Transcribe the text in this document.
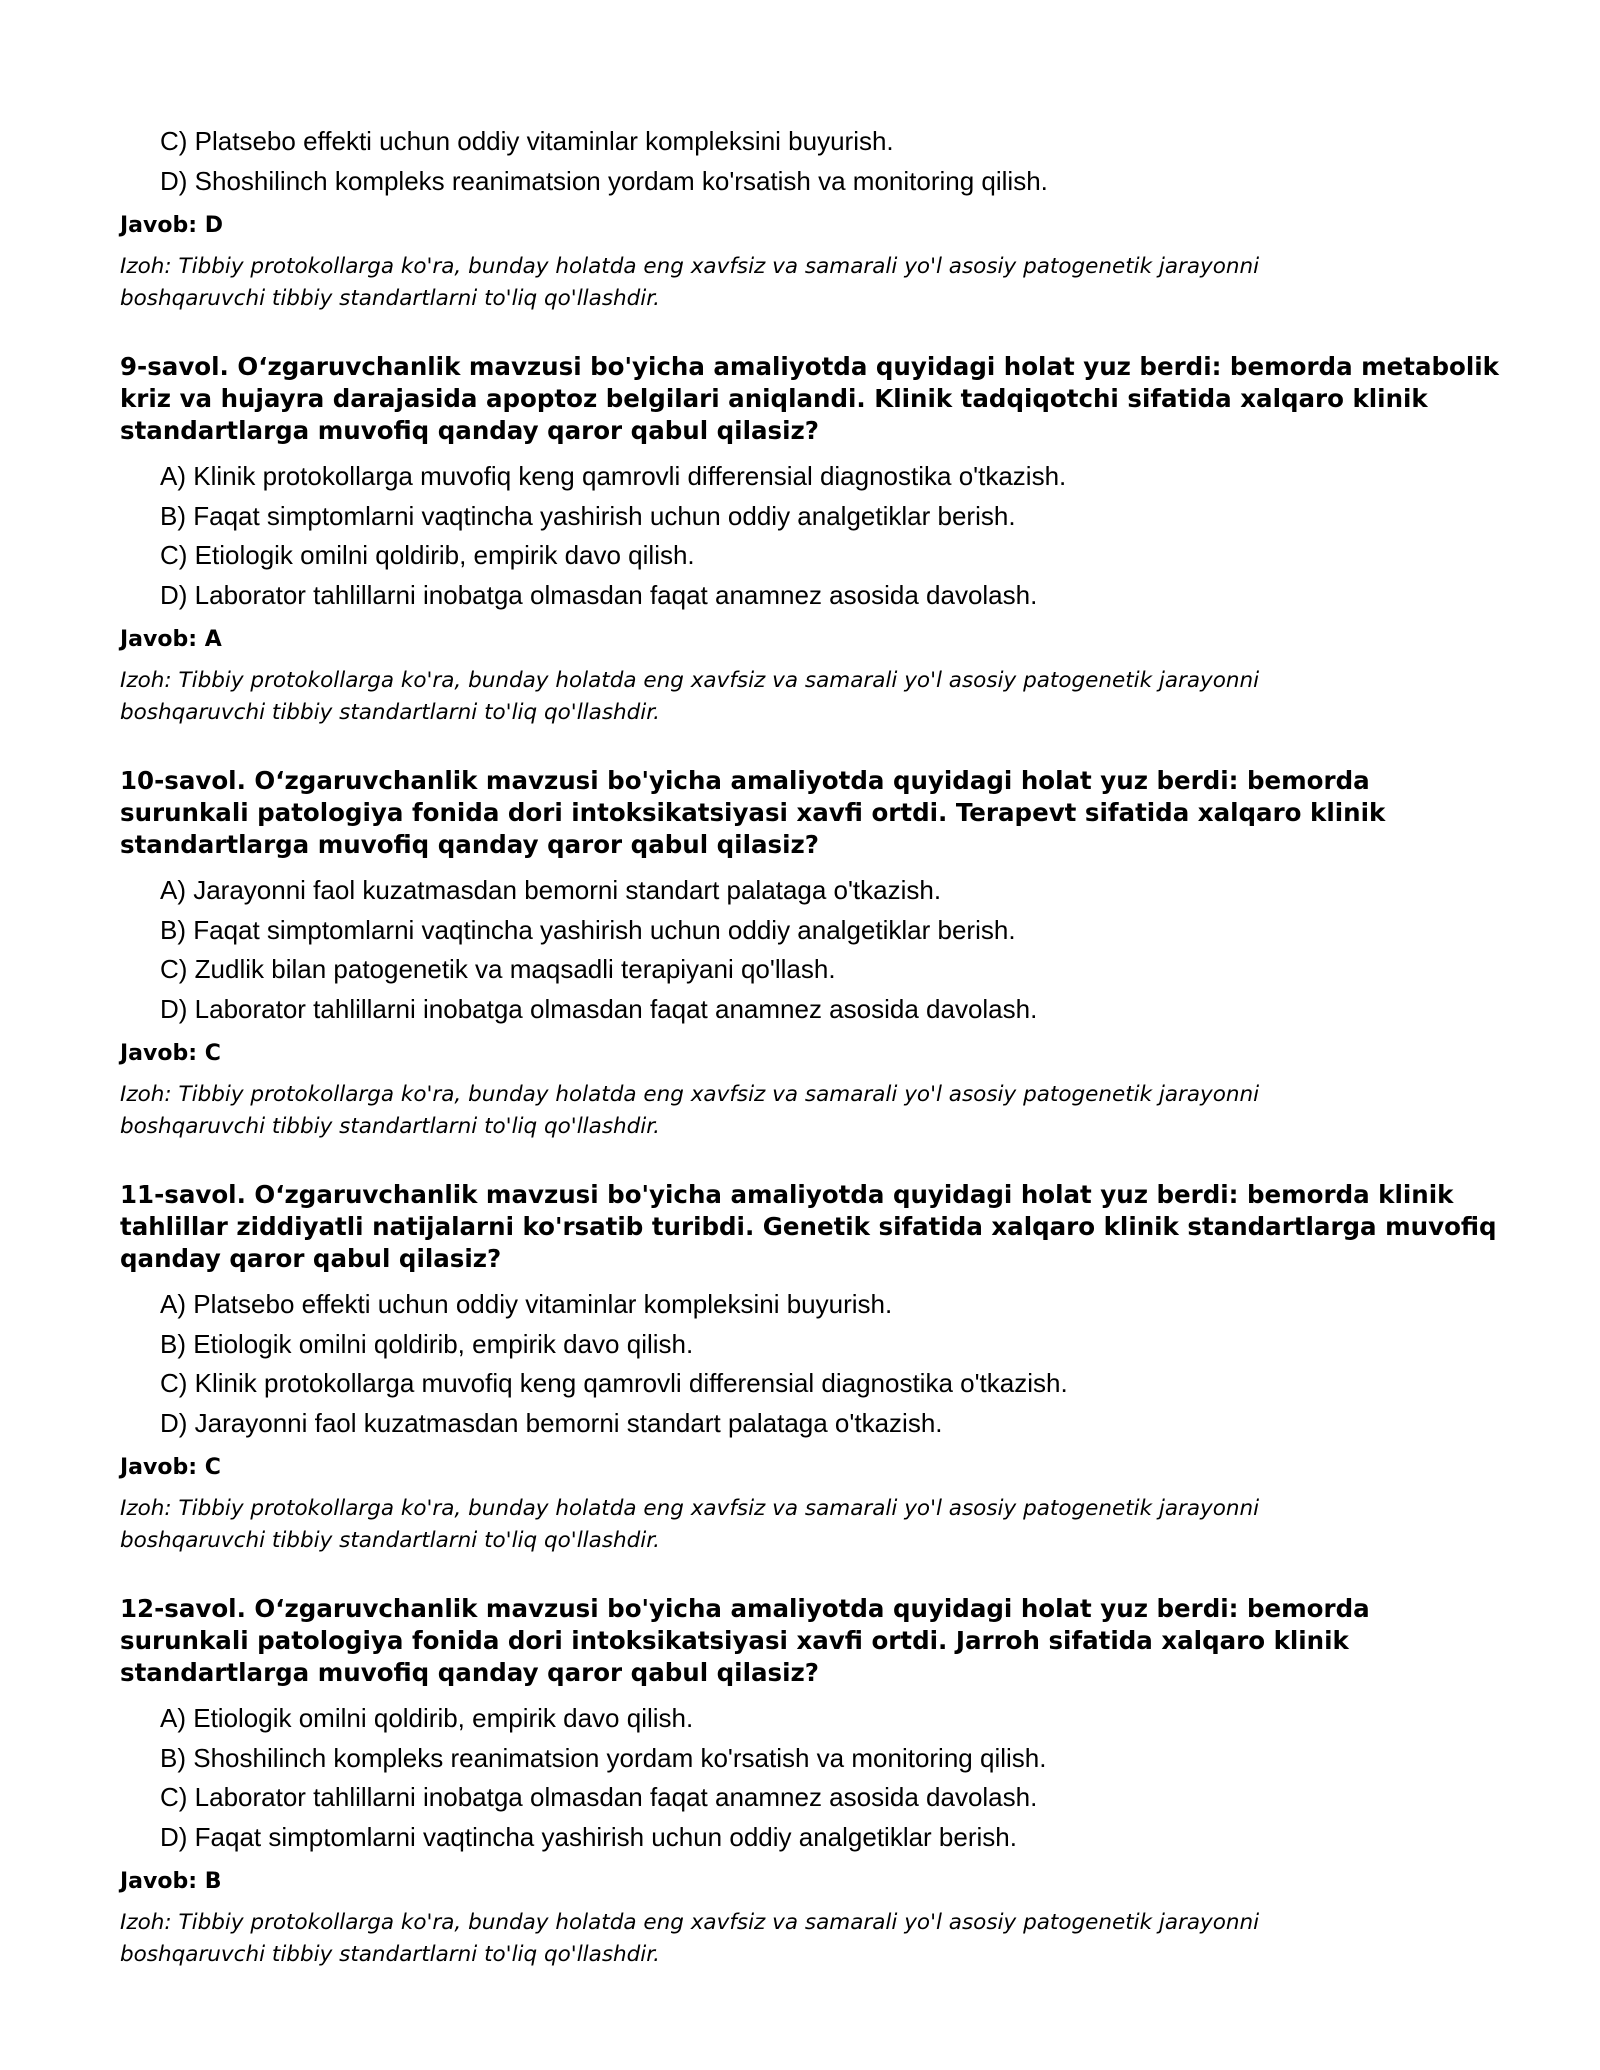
C) Platsebo effekti uchun oddiy vitaminlar kompleksini buyurish.

D) Shoshilinch kompleks reanimatsion yordam ko'rsatish va monitoring qilish.

Javob: D

Izoh: Tibbiy protokollarga ko'ra, bunday holatda eng xavfsiz va samarali yo'l asosiy patogenetik jarayonni
boshqaruvchi tibbiy standartlarni to'liq qo'llashdir.

9-savol. O‘zgaruvchanlik mavzusi bo'yicha amaliyotda quyidagi holat yuz berdi: bemorda metabolik
kriz va hujayra darajasida apoptoz belgilari aniqlandi. Klinik tadqiqotchi sifatida xalqaro klinik
standartlarga muvofiq qanday qaror qabul qilasiz?

A) Klinik protokollarga muvofiq keng qamrovli differensial diagnostika o'tkazish.

B) Faqat simptomlarni vaqtincha yashirish uchun oddiy analgetiklar berish.

C) Etiologik omilni qoldirib, empirik davo qilish.

D) Laborator tahlillarni inobatga olmasdan faqat anamnez asosida davolash.

Javob: A

Izoh: Tibbiy protokollarga ko'ra, bunday holatda eng xavfsiz va samarali yo'l asosiy patogenetik jarayonni
boshqaruvchi tibbiy standartlarni to'liq qo'llashdir.

10-savol. O‘zgaruvchanlik mavzusi bo'yicha amaliyotda quyidagi holat yuz berdi: bemorda
surunkali patologiya fonida dori intoksikatsiyasi xavfi ortdi. Terapevt sifatida xalqaro klinik
standartlarga muvofiq qanday qaror qabul qilasiz?

A) Jarayonni faol kuzatmasdan bemorni standart palataga o'tkazish.

B) Faqat simptomlarni vaqtincha yashirish uchun oddiy analgetiklar berish.

C) Zudlik bilan patogenetik va maqsadli terapiyani qo'llash.

D) Laborator tahlillarni inobatga olmasdan faqat anamnez asosida davolash.

Javob: C

Izoh: Tibbiy protokollarga ko'ra, bunday holatda eng xavfsiz va samarali yo'l asosiy patogenetik jarayonni
boshqaruvchi tibbiy standartlarni to'liq qo'llashdir.

11-savol. O‘zgaruvchanlik mavzusi bo'yicha amaliyotda quyidagi holat yuz berdi: bemorda klinik
tahlillar ziddiyatli natijalarni ko'rsatib turibdi. Genetik sifatida xalqaro klinik standartlarga muvofiq
qanday qaror qabul qilasiz?

A) Platsebo effekti uchun oddiy vitaminlar kompleksini buyurish.

B) Etiologik omilni qoldirib, empirik davo qilish.

C) Klinik protokollarga muvofiq keng qamrovli differensial diagnostika o'tkazish.

D) Jarayonni faol kuzatmasdan bemorni standart palataga o'tkazish.

Javob: C

Izoh: Tibbiy protokollarga ko'ra, bunday holatda eng xavfsiz va samarali yo'l asosiy patogenetik jarayonni
boshqaruvchi tibbiy standartlarni to'liq qo'llashdir.

12-savol. O‘zgaruvchanlik mavzusi bo'yicha amaliyotda quyidagi holat yuz berdi: bemorda
surunkali patologiya fonida dori intoksikatsiyasi xavfi ortdi. Jarroh sifatida xalqaro klinik
standartlarga muvofiq qanday qaror qabul qilasiz?

A) Etiologik omilni qoldirib, empirik davo qilish.

B) Shoshilinch kompleks reanimatsion yordam ko'rsatish va monitoring qilish.

C) Laborator tahlillarni inobatga olmasdan faqat anamnez asosida davolash.

D) Faqat simptomlarni vaqtincha yashirish uchun oddiy analgetiklar berish.

Javob: B

Izoh: Tibbiy protokollarga ko'ra, bunday holatda eng xavfsiz va samarali yo'l asosiy patogenetik jarayonni
boshqaruvchi tibbiy standartlarni to'liq qo'llashdir.
